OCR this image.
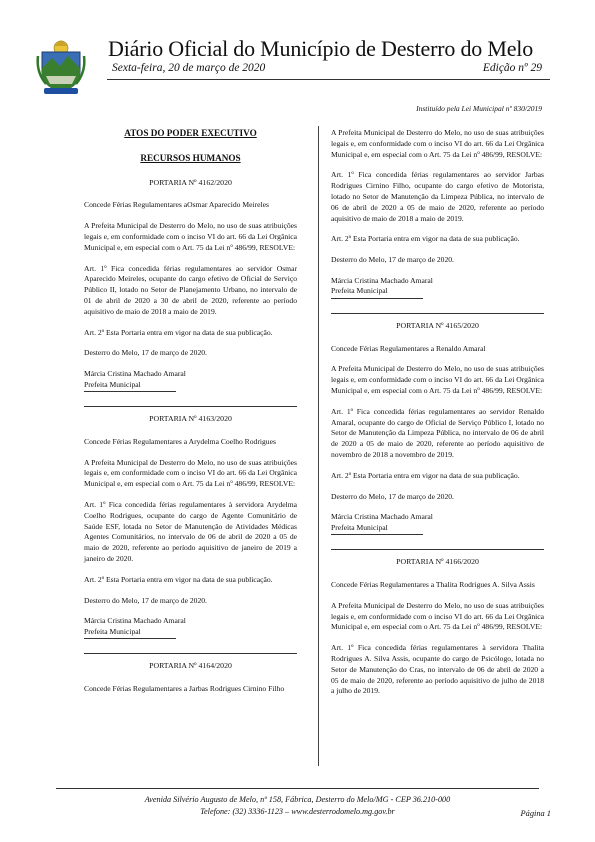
Diário Oficial do Município de Desterro do Melo
Sexta-feira, 20 de março de 2020	Edição nº 29
Instituído pela Lei Municipal nº 830/2019
ATOS DO PODER EXECUTIVO
RECURSOS HUMANOS
PORTARIA Nº 4162/2020

Concede Férias Regulamentares aOsmar Aparecido Meireles

A Prefeita Municipal de Desterro do Melo, no uso de suas atribuições legais e, em conformidade com o inciso VI do art. 66 da Lei Orgânica Municipal e, em especial com o Art. 75 da Lei nº 486/99, RESOLVE:

Art. 1º Fica concedida férias regulamentares ao servidor Osmar Aparecido Meireles, ocupante do cargo efetivo de Oficial de Serviço Público II, lotado no Setor de Planejamento Urbano, no intervalo de 01 de abril de 2020 a 30 de abril de 2020, referente ao período aquisitivo de maio de 2018 a maio de 2019.

Art. 2º Esta Portaria entra em vigor na data de sua publicação.

Desterro do Melo, 17 de março de 2020.

Márcia Cristina Machado Amaral
Prefeita Municipal
PORTARIA Nº 4163/2020

Concede Férias Regulamentares a Arydelma Coelho Rodrigues

A Prefeita Municipal de Desterro do Melo, no uso de suas atribuições legais e, em conformidade com o inciso VI do art. 66 da Lei Orgânica Municipal e, em especial com o Art. 75 da Lei nº 486/99, RESOLVE:

Art. 1º Fica concedida férias regulamentares à servidora Arydelma Coelho Rodrigues, ocupante do cargo de Agente Comunitário de Saúde ESF, lotada no Setor de Manutenção de Atividades Médicas Agentes Comunitários, no intervalo de 06 de abril de 2020 a 05 de maio de 2020, referente ao período aquisitivo de janeiro de 2019 a janeiro de 2020.

Art. 2º Esta Portaria entra em vigor na data de sua publicação.

Desterro do Melo, 17 de março de 2020.

Márcia Cristina Machado Amaral
Prefeita Municipal
PORTARIA Nº 4164/2020

Concede Férias Regulamentares a Jarbas Rodrigues Cirnino Filho

A Prefeita Municipal de Desterro do Melo, no uso de suas atribuições legais e, em conformidade com o inciso VI do art. 66 da Lei Orgânica Municipal e, em especial com o Art. 75 da Lei nº 486/99, RESOLVE:

Art. 1º Fica concedida férias regulamentares ao servidor Jarbas Rodrigues Cirnino Filho, ocupante do cargo efetivo de Motorista, lotado no Setor de Manutenção da Limpeza Pública, no intervalo de 06 de abril de 2020 a 05 de maio de 2020, referente ao período aquisitivo de maio de 2018 a maio de 2019.

Art. 2º Esta Portaria entra em vigor na data de sua publicação.

Desterro do Melo, 17 de março de 2020.

Márcia Cristina Machado Amaral
Prefeita Municipal
PORTARIA Nº 4165/2020

Concede Férias Regulamentares a Renaldo Amaral

A Prefeita Municipal de Desterro do Melo, no uso de suas atribuições legais e, em conformidade com o inciso VI do art. 66 da Lei Orgânica Municipal e, em especial com o Art. 75 da Lei nº 486/99, RESOLVE:

Art. 1º Fica concedida férias regulamentares ao servidor Renaldo Amaral, ocupante do cargo de Oficial de Serviço Público I, lotado no Setor de Manutenção da Limpeza Pública, no intervalo de 06 de abril de 2020 a 05 de maio de 2020, referente ao período aquisitivo de novembro de 2018 a novembro de 2019.

Art. 2º Esta Portaria entra em vigor na data de sua publicação.

Desterro do Melo, 17 de março de 2020.

Márcia Cristina Machado Amaral
Prefeita Municipal
PORTARIA Nº 4166/2020

Concede Férias Regulamentares a Thalita Rodrigues A. Silva Assis

A Prefeita Municipal de Desterro do Melo, no uso de suas atribuições legais e, em conformidade com o inciso VI do art. 66 da Lei Orgânica Municipal e, em especial com o Art. 75 da Lei nº 486/99, RESOLVE:

Art. 1º Fica concedida férias regulamentares à servidora Thalita Rodrigues A. Silva Assis, ocupante do cargo de Psicólogo, lotada no Setor de Manutenção do Cras, no intervalo de 06 de abril de 2020 a 05 de maio de 2020, referente ao período aquisitivo de julho de 2018 a julho de 2019.

Avenida Silvério Augusto de Melo, nº 158, Fábrica, Desterro do Melo/MG - CEP 36.210-000
Telefone: (32) 3336-1123 – www.desterrodomelo.mg.gov.br	Página 1
